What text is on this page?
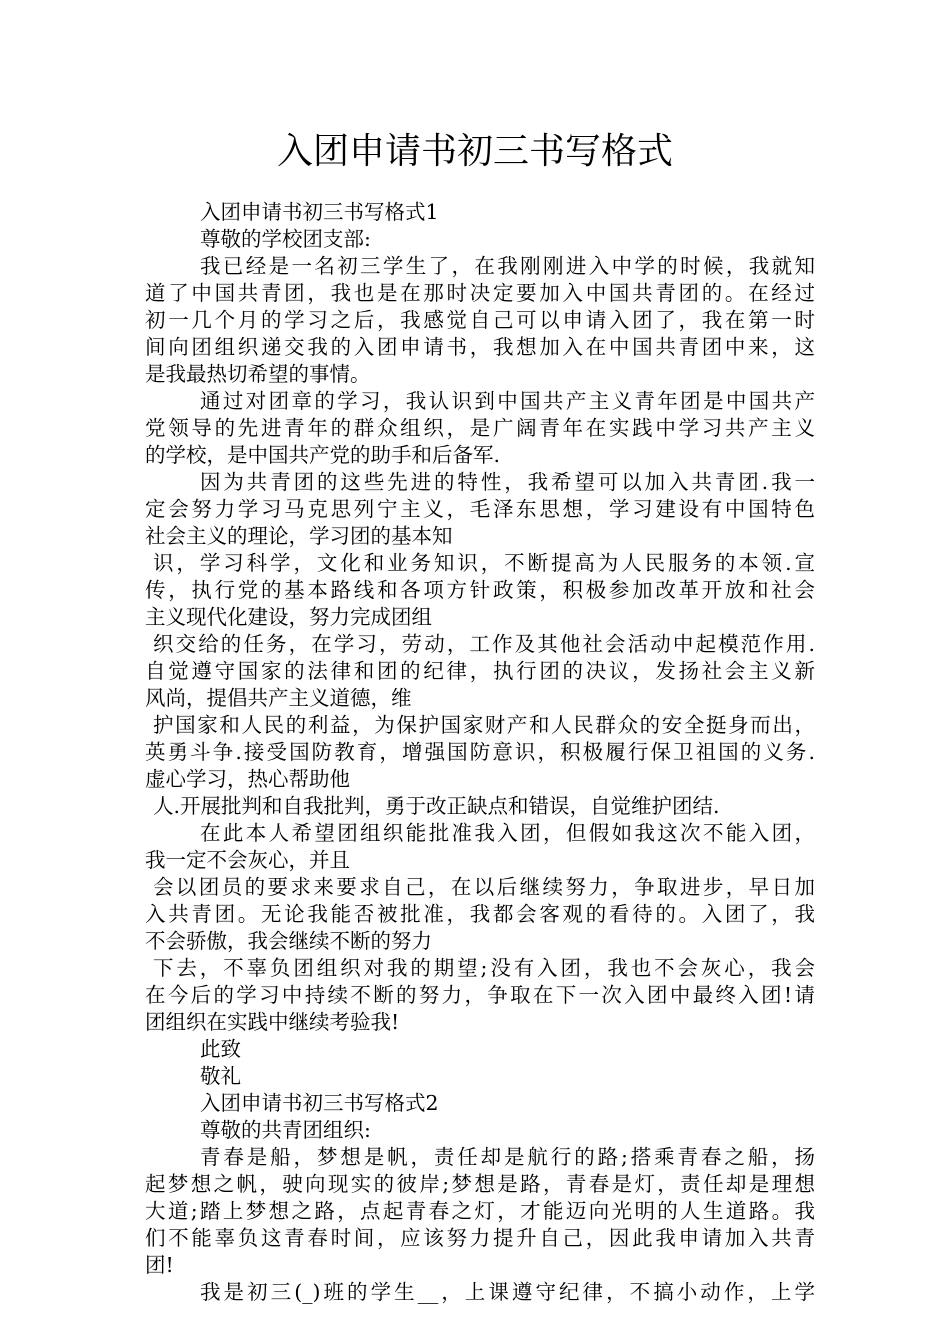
入团申请书初三书写格式
入团申请书初三书写格式1
尊敬的学校团支部:
我已经是一名初三学生了，在我刚刚进入中学的时候，我就知
道了中国共青团，我也是在那时决定要加入中国共青团的。在经过
初一几个月的学习之后，我感觉自己可以申请入团了，我在第一时
间向团组织递交我的入团申请书，我想加入在中国共青团中来，这
是我最热切希望的事情。
通过对团章的学习，我认识到中国共产主义青年团是中国共产
党领导的先进青年的群众组织，是广阔青年在实践中学习共产主义
的学校，是中国共产党的助手和后备军.
因为共青团的这些先进的特性，我希望可以加入共青团.我一
定会努力学习马克思列宁主义，毛泽东思想，学习建设有中国特色
社会主义的理论，学习团的基本知
识，学习科学，文化和业务知识，不断提高为人民服务的本领.宣
传，执行党的基本路线和各项方针政策，积极参加改革开放和社会
主义现代化建设，努力完成团组
织交给的任务，在学习，劳动，工作及其他社会活动中起模范作用.
自觉遵守国家的法律和团的纪律，执行团的决议，发扬社会主义新
风尚，提倡共产主义道德，维
护国家和人民的利益，为保护国家财产和人民群众的安全挺身而出，
英勇斗争.接受国防教育，增强国防意识，积极履行保卫祖国的义务.
虚心学习，热心帮助他
人.开展批判和自我批判，勇于改正缺点和错误，自觉维护团结.
在此本人希望团组织能批准我入团，但假如我这次不能入团，
我一定不会灰心，并且
会以团员的要求来要求自己，在以后继续努力，争取进步，早日加
入共青团。无论我能否被批准，我都会客观的看待的。入团了，我
不会骄傲，我会继续不断的努力
下去，不辜负团组织对我的期望;没有入团，我也不会灰心，我会
在今后的学习中持续不断的努力，争取在下一次入团中最终入团!请
团组织在实践中继续考验我!
此致
敬礼
入团申请书初三书写格式2
尊敬的共青团组织:
青春是船，梦想是帆，责任却是航行的路;搭乘青春之船，扬
起梦想之帆，驶向现实的彼岸;梦想是路，青春是灯，责任却是理想
大道;踏上梦想之路，点起青春之灯，才能迈向光明的人生道路。我
们不能辜负这青春时间，应该努力提升自己，因此我申请加入共青
团!
我是初三(_)班的学生__，上课遵守纪律，不搞小动作，上学
